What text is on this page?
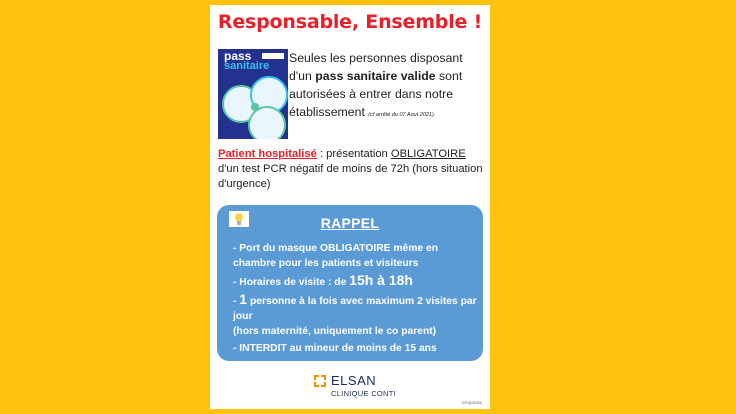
Responsable, Ensemble !
pass
sanitaire
Seules les personnes disposant d'un pass sanitaire valide sont autorisées à entrer dans notre établissement (cf arrêté du 07 Aout 2021).
Patient hospitalisé : présentation OBLIGATOIRE d'un test PCR négatif de moins de 72h (hors situation d'urgence)
RAPPEL
- Port du masque OBLIGATOIRE même en chambre pour les patients et visiteurs
- Horaires de visite : de 15h à 18h
- 1 personne à la fois avec maximum 2 visites par jour
(hors maternité, uniquement le co parent)
- INTERDIT au mineur de moins de 15 ans
ELSAN
CLINIQUE CONTI
07/11/2021
